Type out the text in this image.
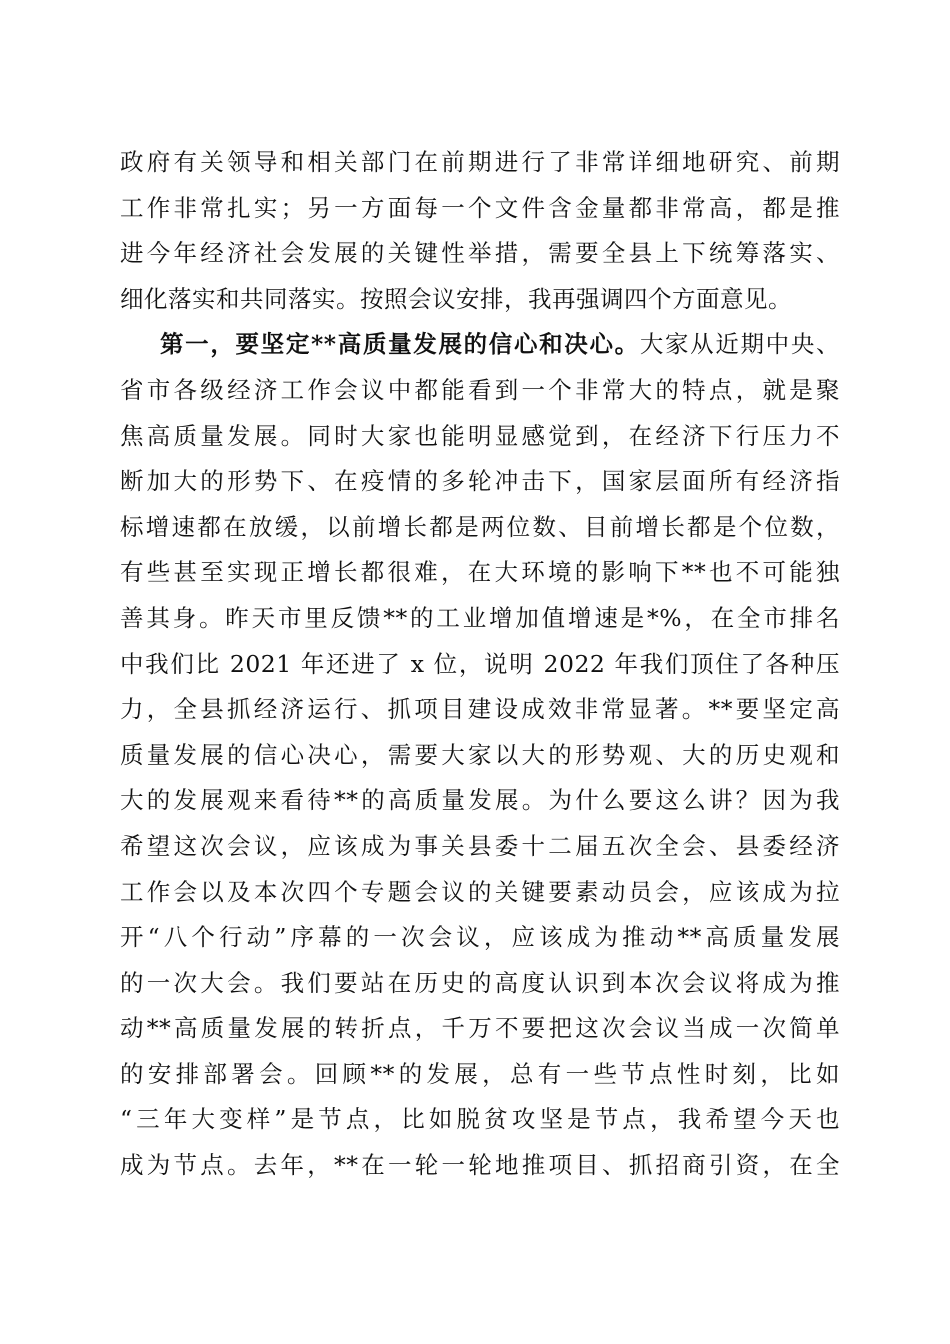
政府有关领导和相关部门在前期进行了非常详细地研究、前期
工作非常扎实；另一方面每一个文件含金量都非常高，都是推
进今年经济社会发展的关键性举措，需要全县上下统筹落实、
细化落实和共同落实。按照会议安排，我再强调四个方面意见。
第一，要坚定**高质量发展的信心和决心。大家从近期中央、
省市各级经济工作会议中都能看到一个非常大的特点，就是聚
焦高质量发展。同时大家也能明显感觉到，在经济下行压力不
断加大的形势下、在疫情的多轮冲击下，国家层面所有经济指
标增速都在放缓，以前增长都是两位数、目前增长都是个位数，
有些甚至实现正增长都很难，在大环境的影响下**也不可能独
善其身。昨天市里反馈**的工业增加值增速是*%，在全市排名
中我们比 2021 年还进了 x 位，说明 2022 年我们顶住了各种压
力，全县抓经济运行、抓项目建设成效非常显著。**要坚定高
质量发展的信心决心，需要大家以大的形势观、大的历史观和
大的发展观来看待**的高质量发展。为什么要这么讲？因为我
希望这次会议，应该成为事关县委十二届五次全会、县委经济
工作会以及本次四个专题会议的关键要素动员会，应该成为拉
开“八个行动”序幕的一次会议，应该成为推动**高质量发展
的一次大会。我们要站在历史的高度认识到本次会议将成为推
动**高质量发展的转折点，千万不要把这次会议当成一次简单
的安排部署会。回顾**的发展，总有一些节点性时刻，比如
“三年大变样”是节点，比如脱贫攻坚是节点，我希望今天也
成为节点。去年，**在一轮一轮地推项目、抓招商引资，在全
